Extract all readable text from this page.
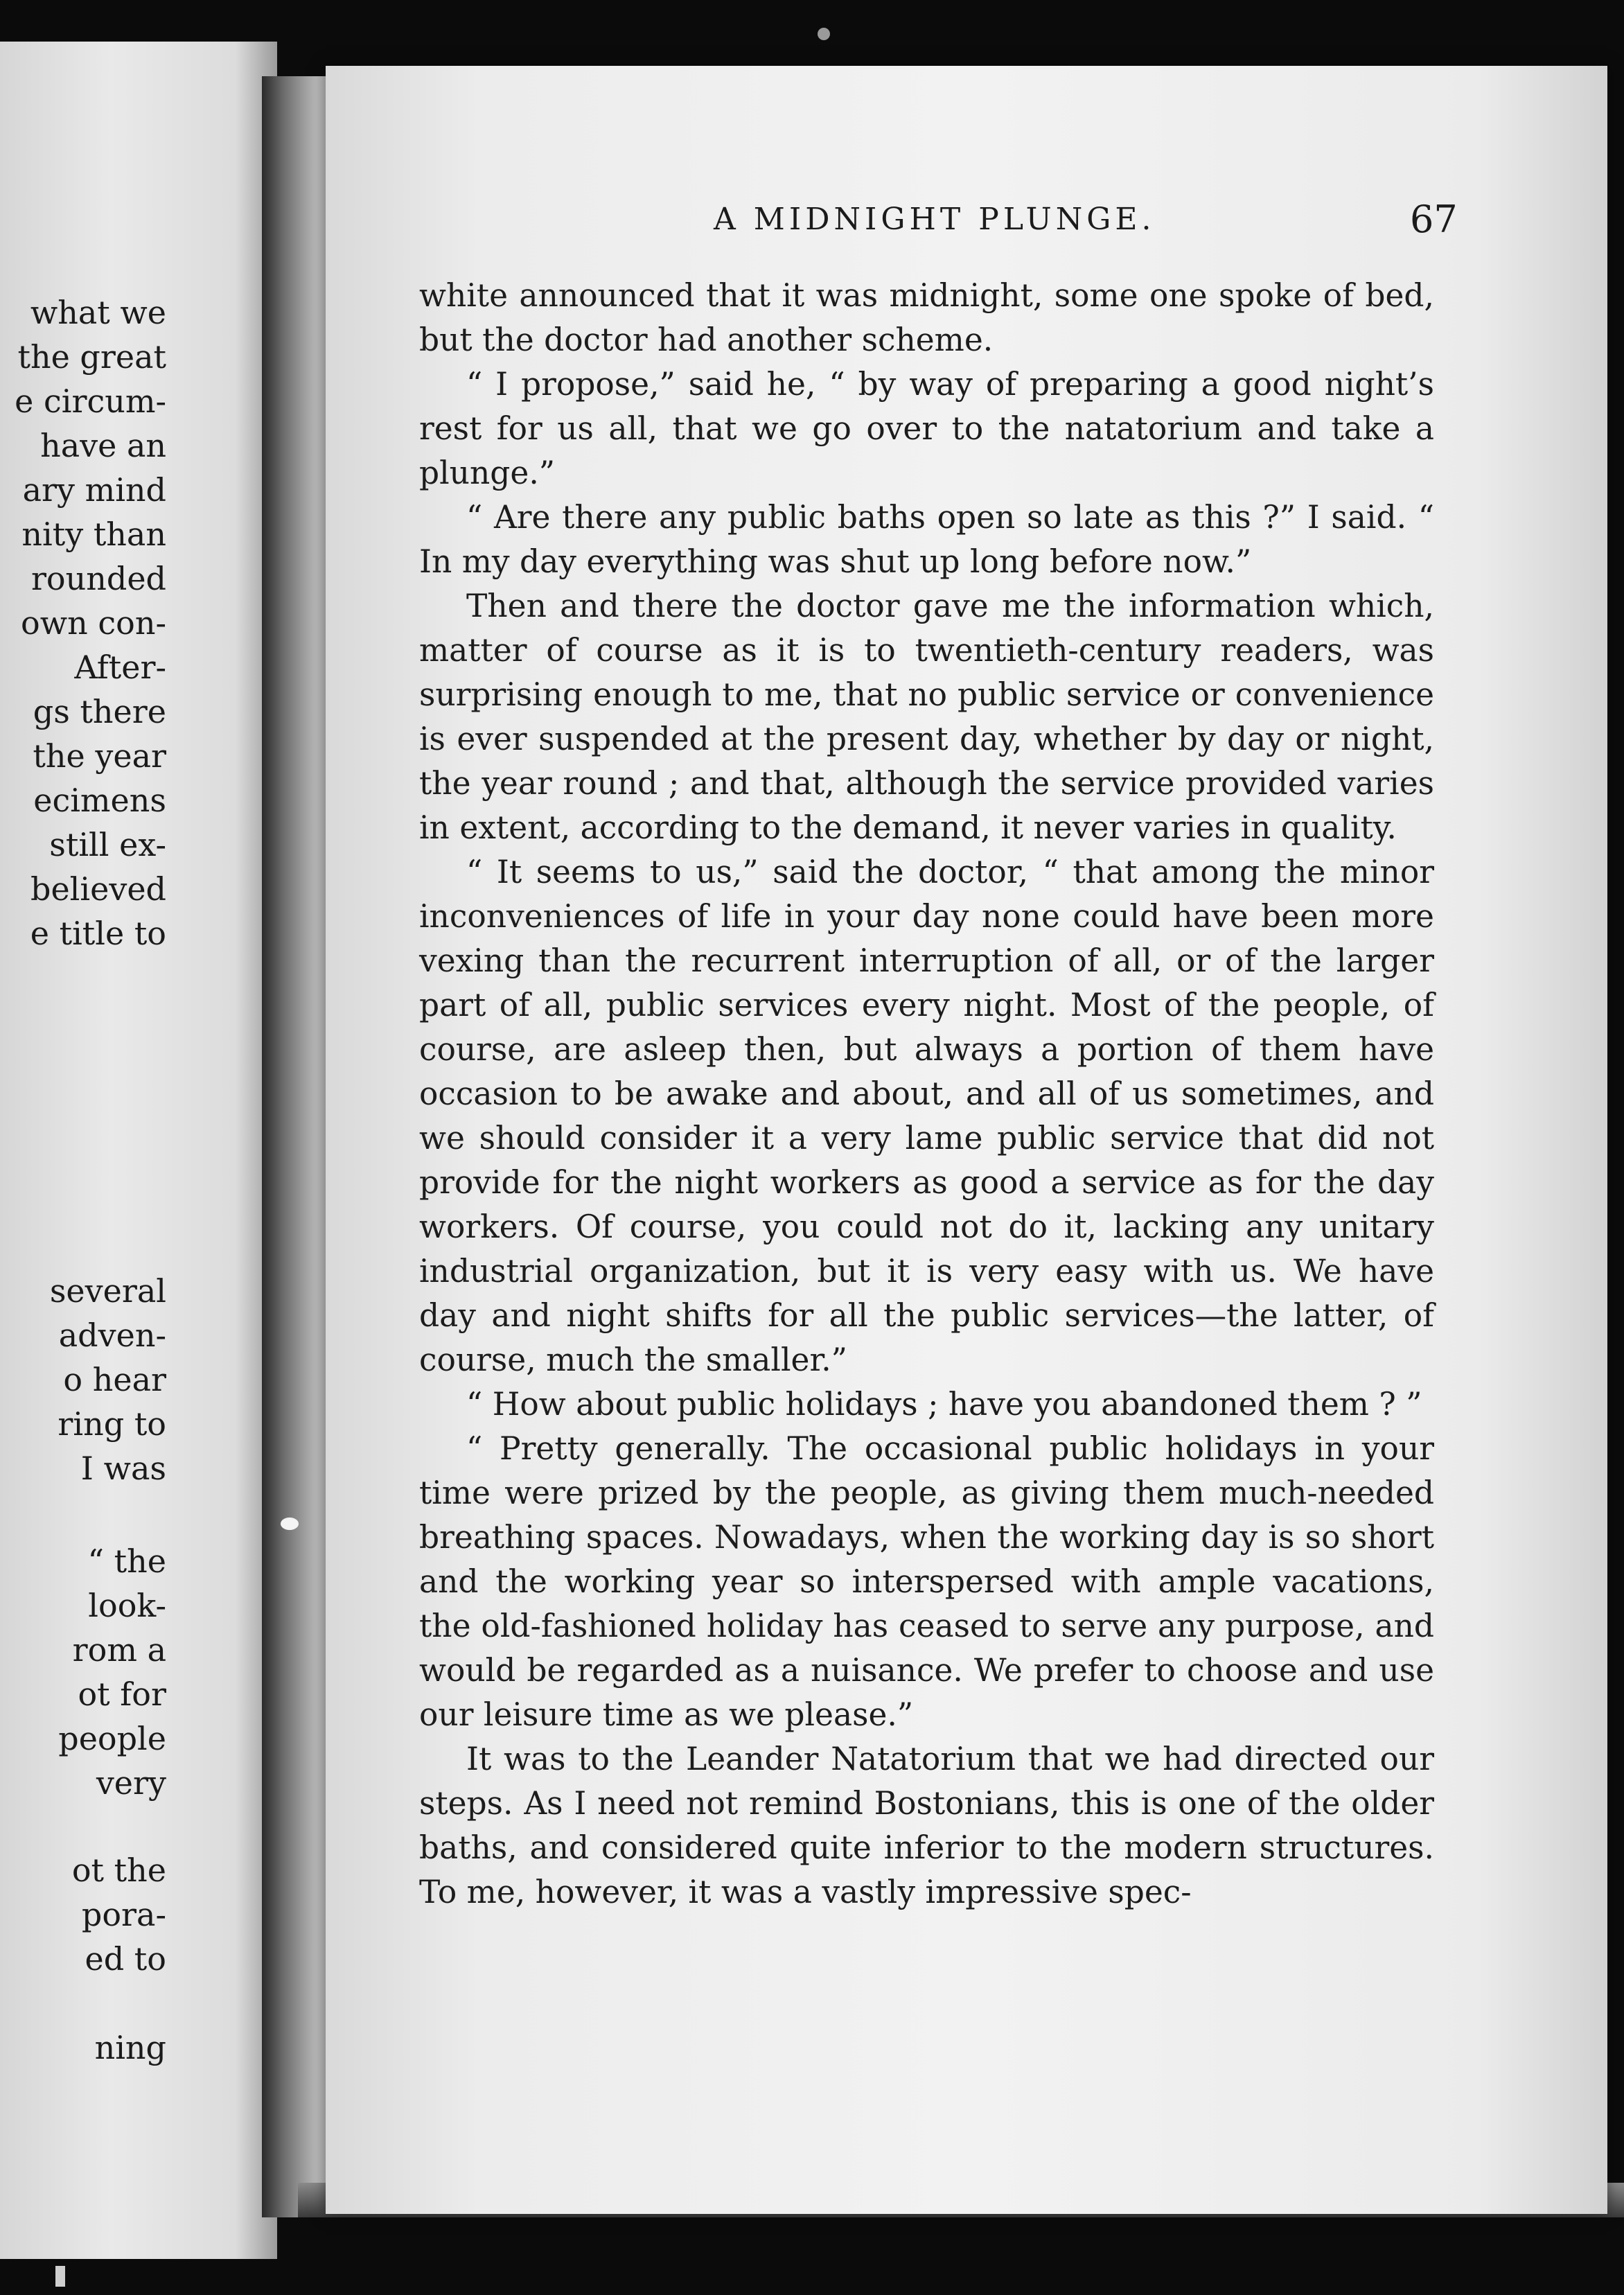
what we
the great
e circum-
have an
ary mind
nity than
rounded
own con-
After-
gs there
the year
ecimens
still ex-
believed
e title to
several
adven-
o hear
ring to
I was
“ the
look-
rom a
ot for
people
very
ot the
pora-
ed to
ning
A MIDNIGHT PLUNGE.	67

white announced that it was midnight, some one spoke of bed, but the doctor had another scheme.

“ I propose,” said he, “ by way of preparing a good night’s rest for us all, that we go over to the natatorium and take a plunge.”

“ Are there any public baths open so late as this ?” I said. “ In my day everything was shut up long before now.”

Then and there the doctor gave me the information which, matter of course as it is to twentieth-century readers, was surprising enough to me, that no public service or convenience is ever suspended at the present day, whether by day or night, the year round ; and that, although the service provided varies in extent, according to the demand, it never varies in quality.

“ It seems to us,” said the doctor, “ that among the minor inconveniences of life in your day none could have been more vexing than the recurrent interruption of all, or of the larger part of all, public services every night. Most of the people, of course, are asleep then, but always a portion of them have occasion to be awake and about, and all of us sometimes, and we should consider it a very lame public service that did not provide for the night workers as good a service as for the day workers. Of course, you could not do it, lacking any unitary industrial organization, but it is very easy with us. We have day and night shifts for all the public services—the latter, of course, much the smaller.”

“ How about public holidays ; have you abandoned them ? ”

“ Pretty generally. The occasional public holidays in your time were prized by the people, as giving them much-needed breathing spaces. Nowadays, when the working day is so short and the working year so interspersed with ample vacations, the old-fashioned holiday has ceased to serve any purpose, and would be regarded as a nuisance. We prefer to choose and use our leisure time as we please.”

It was to the Leander Natatorium that we had directed our steps. As I need not remind Bostonians, this is one of the older baths, and considered quite inferior to the modern structures. To me, however, it was a vastly impressive spec-
